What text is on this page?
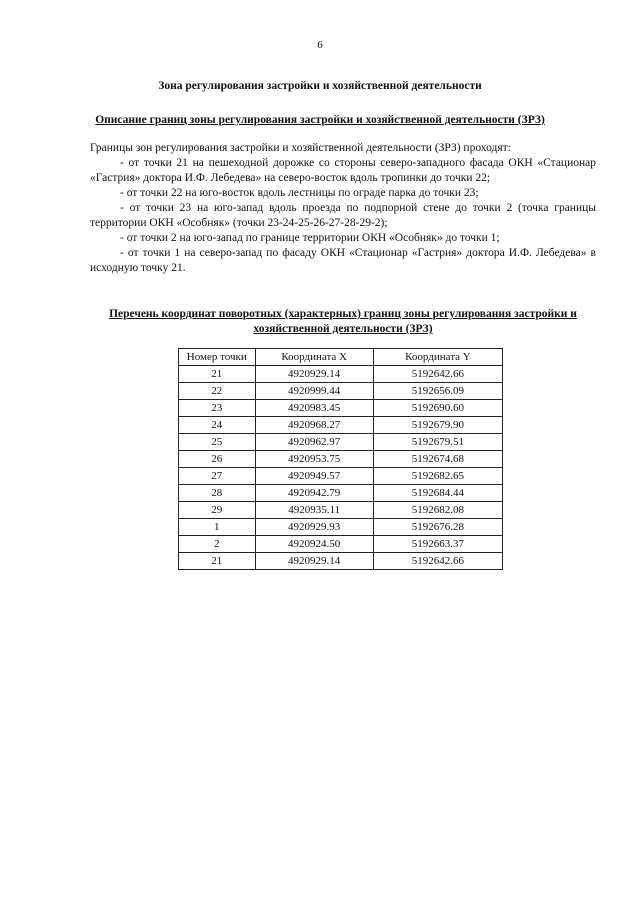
6
Зона регулирования застройки и хозяйственной деятельности
Описание границ зоны регулирования застройки и хозяйственной деятельности (ЗРЗ)

Границы зон регулирования застройки и хозяйственной деятельности (ЗРЗ) проходят:

- от точки 21 на пешеходной дорожке со стороны северо-западного фасада ОКН «Стационар «Гастрия» доктора И.Ф. Лебедева» на северо-восток вдоль тропинки до точки 22;

- от точки 22 на юго-восток вдоль лестницы по ограде парка до точки 23;

- от точки 23 на юго-запад вдоль проезда по подпорной стене до точки 2 (точка границы территории ОКН «Особняк» (точки 23-24-25-26-27-28-29-2);

- от точки 2 на юго-запад по границе территории ОКН «Особняк» до точки 1;

- от точки 1 на северо-запад по фасаду ОКН «Стационар «Гастрия» доктора И.Ф. Лебедева» в исходную точку 21.

Перечень координат поворотных (характерных) границ зоны регулирования застройки и хозяйственной деятельности (ЗРЗ)
Номер точки	Координата X	Координата Y
21	4920929.14	5192642.66
22	4920999.44	5192656.09
23	4920983.45	5192690.60
24	4920968.27	5192679.90
25	4920962.97	5192679.51
26	4920953.75	5192674.68
27	4920949.57	5192682.65
28	4920942.79	5192684.44
29	4920935.11	5192682.08
1	4920929.93	5192676.28
2	4920924.50	5192663.37
21	4920929.14	5192642.66
